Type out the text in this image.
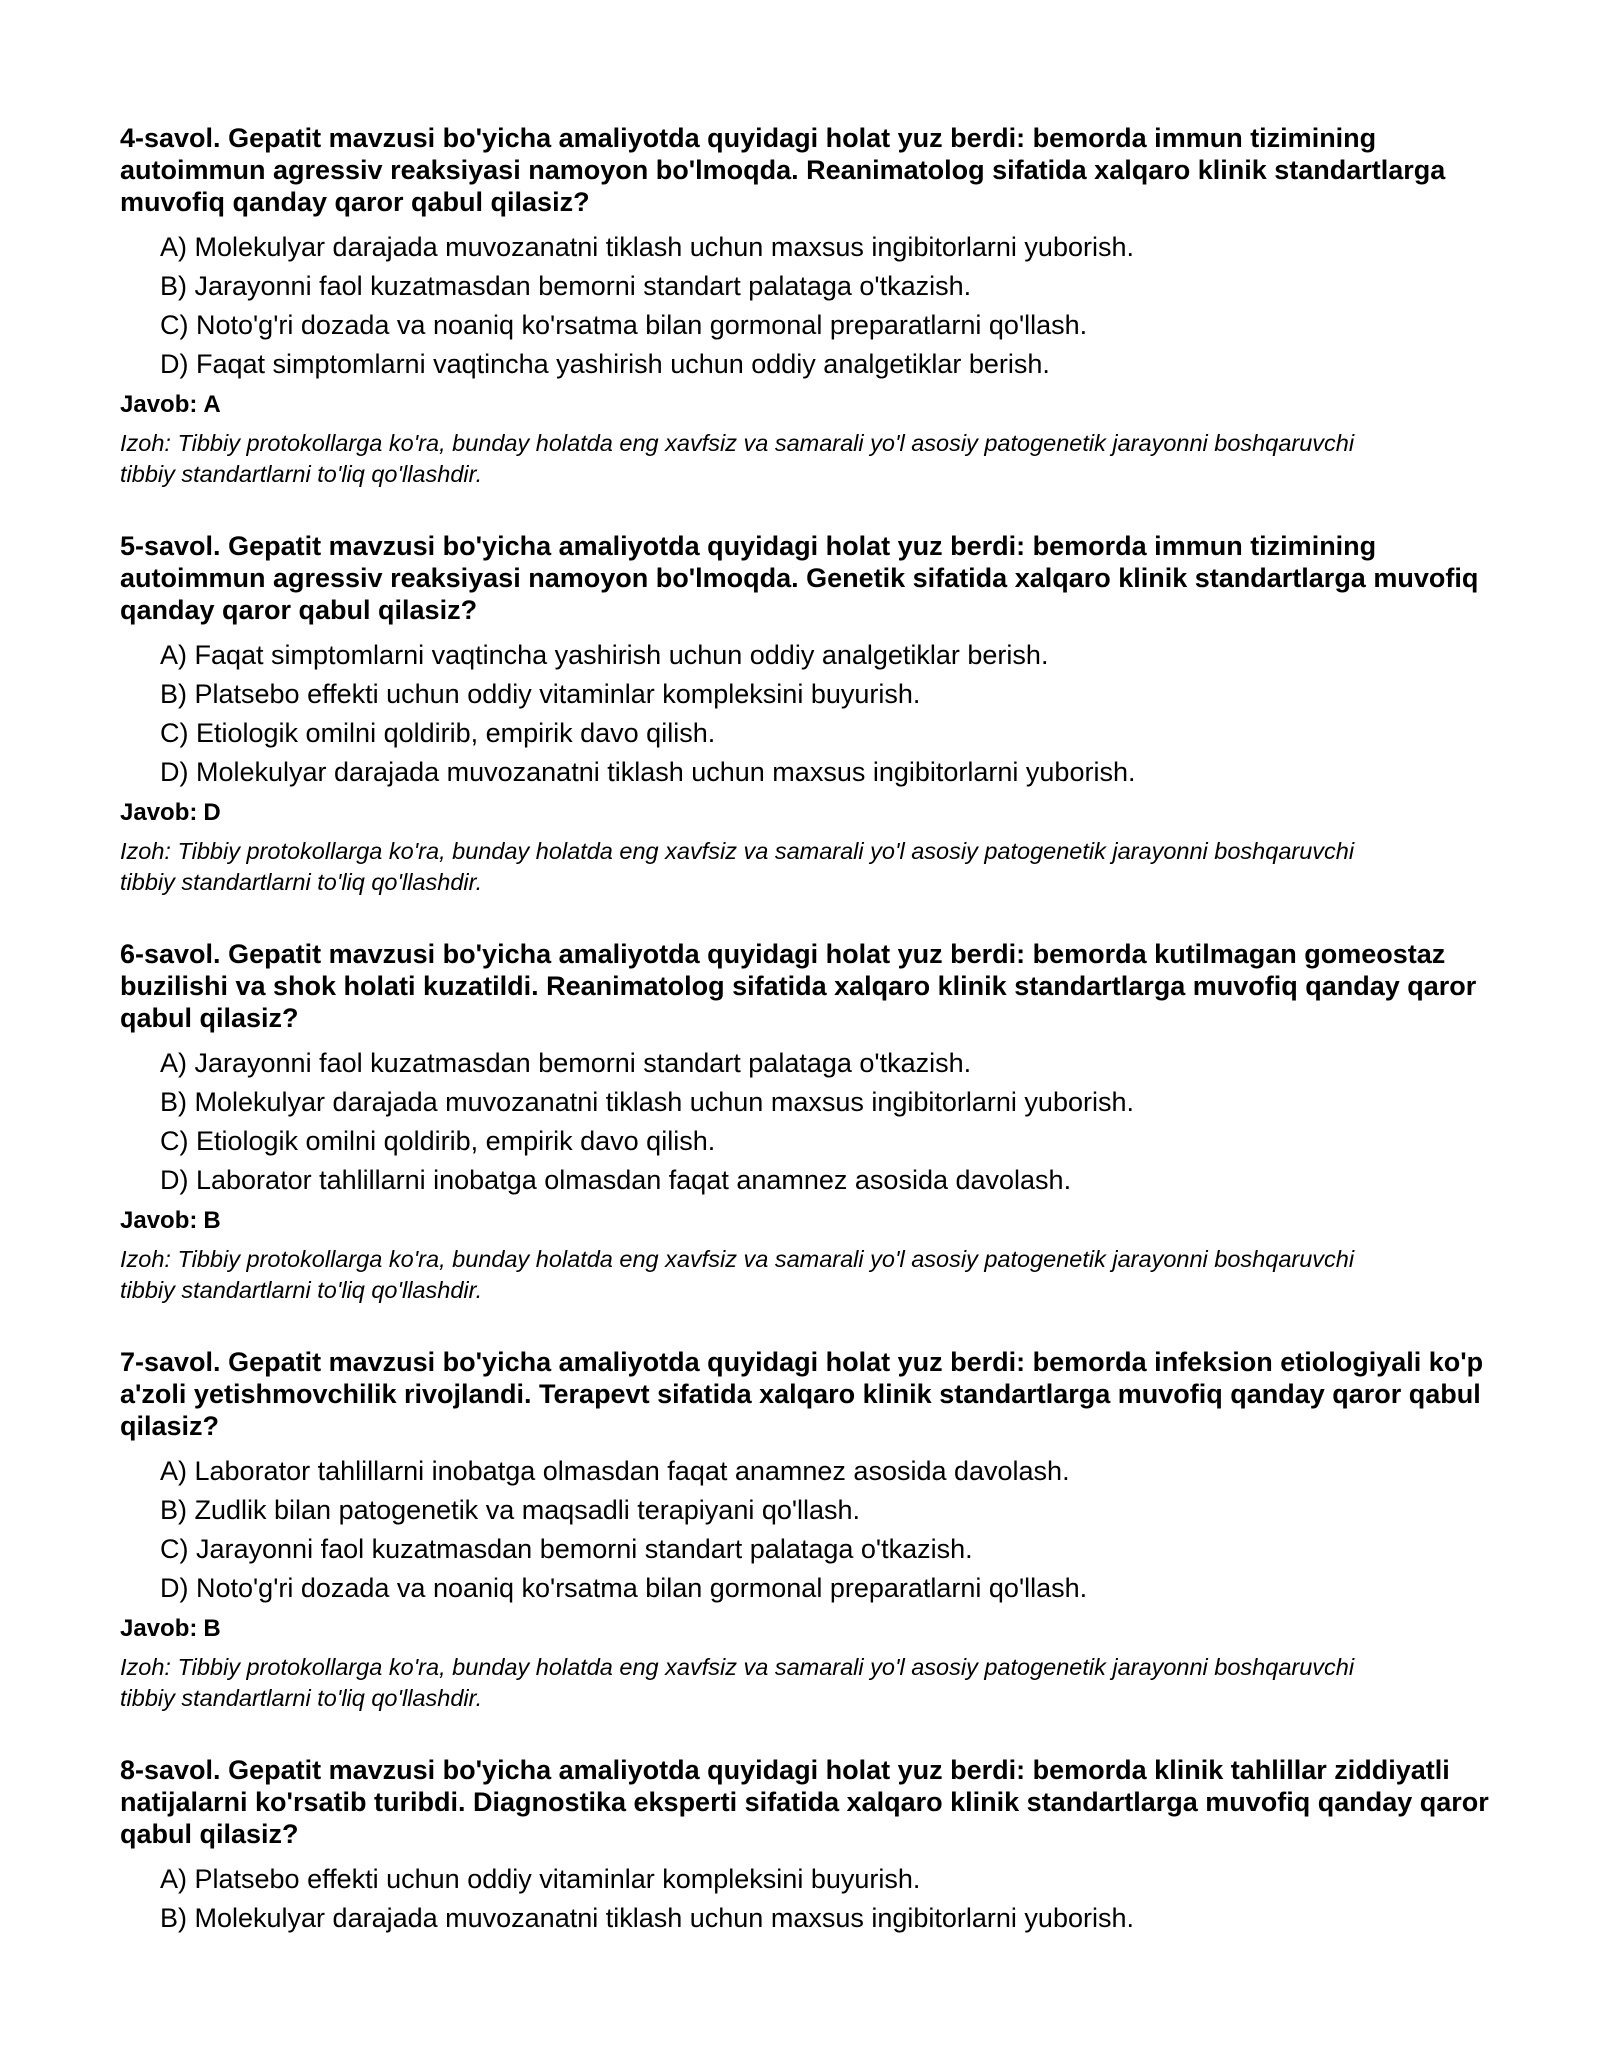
4-savol. Gepatit mavzusi bo'yicha amaliyotda quyidagi holat yuz berdi: bemorda immun tizimining autoimmun agressiv reaksiyasi namoyon bo'lmoqda. Reanimatolog sifatida xalqaro klinik standartlarga muvofiq qanday qaror qabul qilasiz?
A) Molekulyar darajada muvozanatni tiklash uchun maxsus ingibitorlarni yuborish.
B) Jarayonni faol kuzatmasdan bemorni standart palataga o'tkazish.
C) Noto'g'ri dozada va noaniq ko'rsatma bilan gormonal preparatlarni qo'llash.
D) Faqat simptomlarni vaqtincha yashirish uchun oddiy analgetiklar berish.
Javob: A
Izoh: Tibbiy protokollarga ko'ra, bunday holatda eng xavfsiz va samarali yo'l asosiy patogenetik jarayonni boshqaruvchi tibbiy standartlarni to'liq qo'llashdir.
5-savol. Gepatit mavzusi bo'yicha amaliyotda quyidagi holat yuz berdi: bemorda immun tizimining autoimmun agressiv reaksiyasi namoyon bo'lmoqda. Genetik sifatida xalqaro klinik standartlarga muvofiq qanday qaror qabul qilasiz?
A) Faqat simptomlarni vaqtincha yashirish uchun oddiy analgetiklar berish.
B) Platsebo effekti uchun oddiy vitaminlar kompleksini buyurish.
C) Etiologik omilni qoldirib, empirik davo qilish.
D) Molekulyar darajada muvozanatni tiklash uchun maxsus ingibitorlarni yuborish.
Javob: D
Izoh: Tibbiy protokollarga ko'ra, bunday holatda eng xavfsiz va samarali yo'l asosiy patogenetik jarayonni boshqaruvchi tibbiy standartlarni to'liq qo'llashdir.
6-savol. Gepatit mavzusi bo'yicha amaliyotda quyidagi holat yuz berdi: bemorda kutilmagan gomeostaz buzilishi va shok holati kuzatildi. Reanimatolog sifatida xalqaro klinik standartlarga muvofiq qanday qaror qabul qilasiz?
A) Jarayonni faol kuzatmasdan bemorni standart palataga o'tkazish.
B) Molekulyar darajada muvozanatni tiklash uchun maxsus ingibitorlarni yuborish.
C) Etiologik omilni qoldirib, empirik davo qilish.
D) Laborator tahlillarni inobatga olmasdan faqat anamnez asosida davolash.
Javob: B
Izoh: Tibbiy protokollarga ko'ra, bunday holatda eng xavfsiz va samarali yo'l asosiy patogenetik jarayonni boshqaruvchi tibbiy standartlarni to'liq qo'llashdir.
7-savol. Gepatit mavzusi bo'yicha amaliyotda quyidagi holat yuz berdi: bemorda infeksion etiologiyali ko'p a'zoli yetishmovchilik rivojlandi. Terapevt sifatida xalqaro klinik standartlarga muvofiq qanday qaror qabul qilasiz?
A) Laborator tahlillarni inobatga olmasdan faqat anamnez asosida davolash.
B) Zudlik bilan patogenetik va maqsadli terapiyani qo'llash.
C) Jarayonni faol kuzatmasdan bemorni standart palataga o'tkazish.
D) Noto'g'ri dozada va noaniq ko'rsatma bilan gormonal preparatlarni qo'llash.
Javob: B
Izoh: Tibbiy protokollarga ko'ra, bunday holatda eng xavfsiz va samarali yo'l asosiy patogenetik jarayonni boshqaruvchi tibbiy standartlarni to'liq qo'llashdir.
8-savol. Gepatit mavzusi bo'yicha amaliyotda quyidagi holat yuz berdi: bemorda klinik tahlillar ziddiyatli natijalarni ko'rsatib turibdi. Diagnostika eksperti sifatida xalqaro klinik standartlarga muvofiq qanday qaror qabul qilasiz?
A) Platsebo effekti uchun oddiy vitaminlar kompleksini buyurish.
B) Molekulyar darajada muvozanatni tiklash uchun maxsus ingibitorlarni yuborish.
